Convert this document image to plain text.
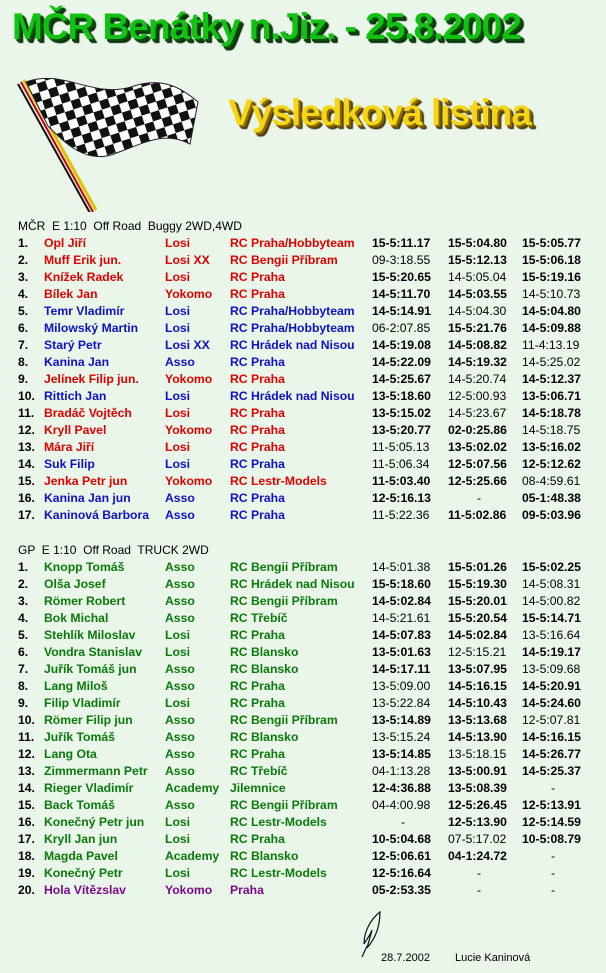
MČR Benátky n.Jiz. - 25.8.2002
Výsledková listina
MČR  E 1:10  Off Road  Buggy 2WD,4WD
1. Opl Jiří	Losi	RC Praha/Hobbyteam 15-5:11.17	15-5:04.80 15-5:05.77
2. Muff Erik jun.	Losi XX RC Bengii Příbram	09-3:18.55	15-5:12.13 15-5:06.18
3. Knížek Radek	Losi	RC Praha	15-5:20.65 14-5:05.04	15-5:19.16
4. Bílek Jan	Yokomo RC Praha	14-5:11.70	14-5:03.55 14-5:10.73
5. Temr Vladimír	Losi	RC Praha/Hobbyteam 14-5:14.91 14-5:04.30	14-5:04.80
6. Milowský Martin Losi	RC Praha/Hobbyteam 06-2:07.85	15-5:21.76 14-5:09.88
7. Starý Petr	Losi XX RC Hrádek nad Nisou 14-5:19.08 14-5:08.82 11-4:13.19
8. Kanina Jan	Asso	RC Praha	14-5:22.09 14-5:19.32 14-5:25.02
9. Jelínek Filip jun. Yokomo RC Praha	14-5:25.67 14-5:20.74	14-5:12.37
10. Rittich Jan	Losi	RC Hrádek nad Nisou 13-5:18.60 12-5:00.93	13-5:06.71
11. Bradáč Vojtěch	Losi	RC Praha	13-5:15.02 14-5:23.67	14-5:18.78
12. Kryll Pavel	Yokomo RC Praha	13-5:20.77 02-0:25.86 14-5:18.75
13. Mára Jiří	Losi	RC Praha	11-5:05.13	13-5:02.02 13-5:16.02
14. Suk Filip	Losi	RC Praha	11-5:06.34	12-5:07.56 12-5:12.62
15. Jenka Petr jun	Yokomo RC Lestr-Models	11-5:03.40	12-5:25.66 08-4:59.61
16. Kanina Jan jun	Asso	RC Praha	12-5:16.13	-	05-1:48.38
17. Kaninová Barbora Asso	RC Praha	11-5:22.36	11-5:02.86	09-5:03.96
GP  E 1:10  Off Road  TRUCK 2WD
1. Knopp Tomáš	Asso	RC Bengii Příbram	14-5:01.38	15-5:01.26 15-5:02.25
2. Olša Josef	Asso	RC Hrádek nad Nisou 15-5:18.60 15-5:19.30 14-5:08.31
3. Römer Robert	Asso	RC Bengii Příbram	14-5:02.84 15-5:20.01 14-5:00.82
4. Bok Michal	Asso	RC Třebíč	14-5:21.61	15-5:20.54 15-5:14.71
5. Stehlík Miloslav Losi	RC Praha	14-5:07.83 14-5:02.84 13-5:16.64
6. Vondra Stanislav Losi	RC Blansko	13-5:01.63 12-5:15.21	14-5:19.17
7. Juřík Tomáš jun Asso	RC Blansko	14-5:17.11	13-5:07.95 13-5:09.68
8. Lang Miloš	Asso	RC Praha	13-5:09.00	14-5:16.15 14-5:20.91
9. Filip Vladimír	Losi	RC Praha	13-5:22.84	14-5:10.43 14-5:24.60
10. Römer Filip jun	Asso	RC Bengii Příbram	13-5:14.89 13-5:13.68 12-5:07.81
11. Juřík Tomáš	Asso	RC Blansko	13-5:15.24	14-5:13.90 14-5:16.15
12. Lang Ota	Asso	RC Praha	13-5:14.85 13-5:18.15	14-5:26.77
13. Zimmermann Petr Asso	RC Třebíč	04-1:13.28	13-5:00.91 14-5:25.37
14. Rieger Vladimír	Academy Jilemnice	12-4:36.88 13-5:08.39	-
15. Back Tomáš	Asso	RC Bengii Příbram	04-4:00.98	12-5:26.45 12-5:13.91
16. Konečný Petr jun Losi	RC Lestr-Models	-	12-5:13.90 12-5:14.59
17. Kryll Jan jun	Losi	RC Praha	10-5:04.68 07-5:17.02	10-5:08.79
18. Magda Pavel	Academy RC Blansko	12-5:06.61 04-1:24.72	-
19. Konečný Petr	Losi	RC Lestr-Models	12-5:16.64	-	-
20. Hola Vítězslav	Yokomo Praha	05-2:53.35	-	-
28.7.2002 Lucie Kaninová
